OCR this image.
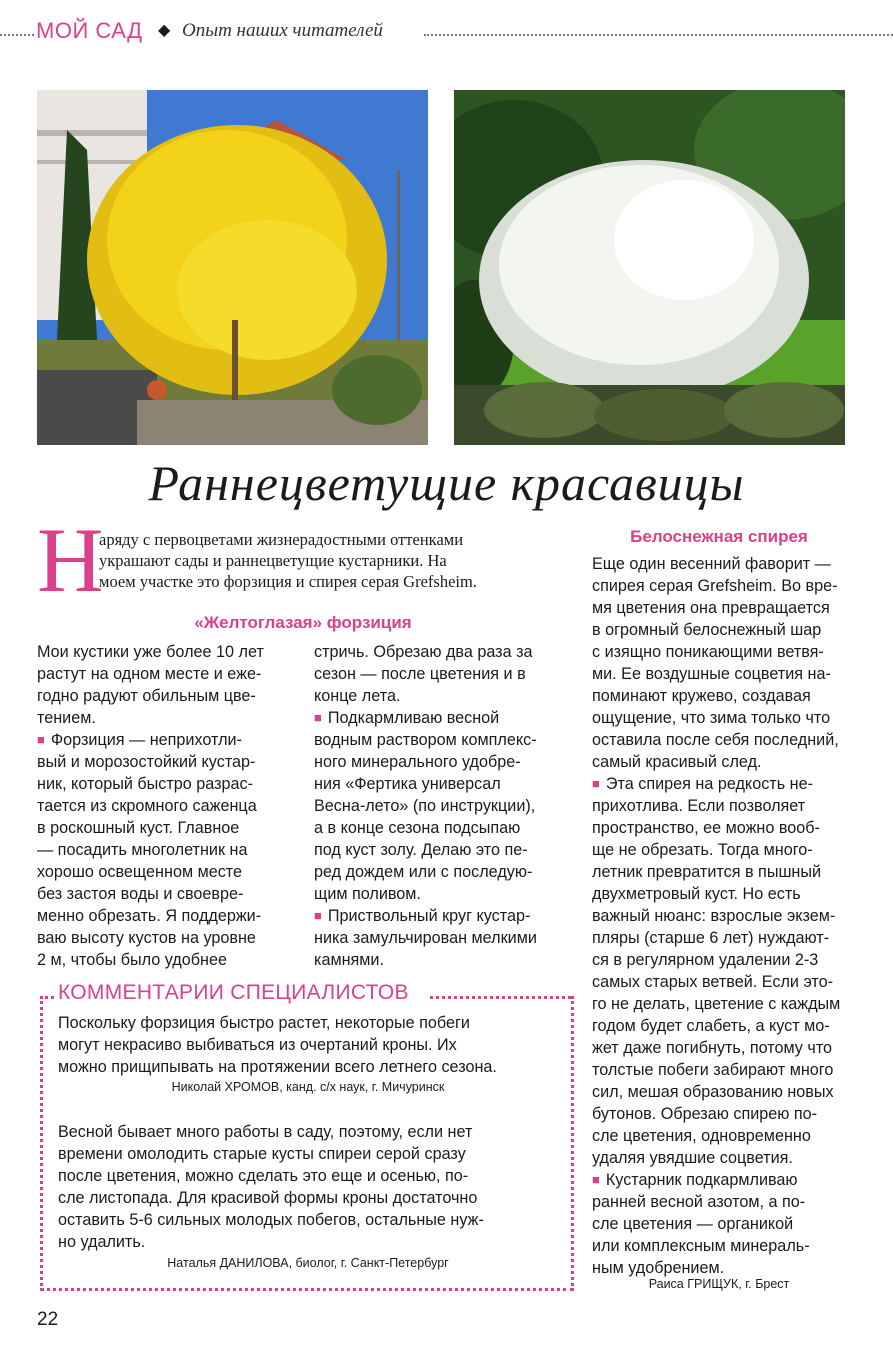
МОЙ САД ◆ Опыт наших читателей
Раннецветущие красавицы
Н

аряду с первоцветами жизнерадостными оттенками

украшают сады и раннецветущие кустарники. На

моем участке это форзиция и спирея серая Grefsheim.

«Желтоглазая» форзиция

Мои кустики уже более 10 лет

растут на одном месте и еже-

годно радуют обильным цве-

тением.

■ Форзиция — неприхотли-

вый и морозостойкий кустар-

ник, который быстро разрас-

тается из скромного саженца

в роскошный куст. Главное

— посадить многолетник на

хорошо освещенном месте

без застоя воды и своевре-

менно обрезать. Я поддержи-

ваю высоту кустов на уровне

2 м, чтобы было удобнее

стричь. Обрезаю два раза за

сезон — после цветения и в

конце лета.

■ Подкармливаю весной

водным раствором комплекс-

ного минерального удобре-

ния «Фертика универсал

Весна-лето» (по инструкции),

а в конце сезона подсыпаю

под куст золу. Делаю это пе-

ред дождем или с последую-

щим поливом.

■ Приствольный круг кустар-

ника замульчирован мелкими

камнями.

Белоснежная спирея

Еще один весенний фаворит —

спирея серая Grefsheim. Во вре-

мя цветения она превращается

в огромный белоснежный шар

с изящно поникающими ветвя-

ми. Ее воздушные соцветия на-

поминают кружево, создавая

ощущение, что зима только что

оставила после себя последний,

самый красивый след.

■ Эта спирея на редкость не-

прихотлива. Если позволяет

пространство, ее можно вооб-

ще не обрезать. Тогда много-

летник превратится в пышный

двухметровый куст. Но есть

важный нюанс: взрослые экзем-

пляры (старше 6 лет) нуждают-

ся в регулярном удалении 2-3

самых старых ветвей. Если это-

го не делать, цветение с каждым

годом будет слабеть, а куст мо-

жет даже погибнуть, потому что

толстые побеги забирают много

сил, мешая образованию новых

бутонов. Обрезаю спирею по-

сле цветения, одновременно

удаляя увядшие соцветия.

■ Кустарник подкармливаю

ранней весной азотом, а по-

сле цветения — органикой

или комплексным минераль-

ным удобрением.

Раиса ГРИЩУК, г. Брест
КОММЕНТАРИИ СПЕЦИАЛИСТОВ

Поскольку форзиция быстро растет, некоторые побеги

могут некрасиво выбиваться из очертаний кроны. Их

можно прищипывать на протяжении всего летнего сезона.

Николай ХРОМОВ, канд. с/х наук, г. Мичуринск

Весной бывает много работы в саду, поэтому, если нет

времени омолодить старые кусты спиреи серой сразу

после цветения, можно сделать это еще и осенью, по-

сле листопада. Для красивой формы кроны достаточно

оставить 5-6 сильных молодых побегов, остальные нуж-

но удалить.

Наталья ДАНИЛОВА, биолог, г. Санкт-Петербург
22
